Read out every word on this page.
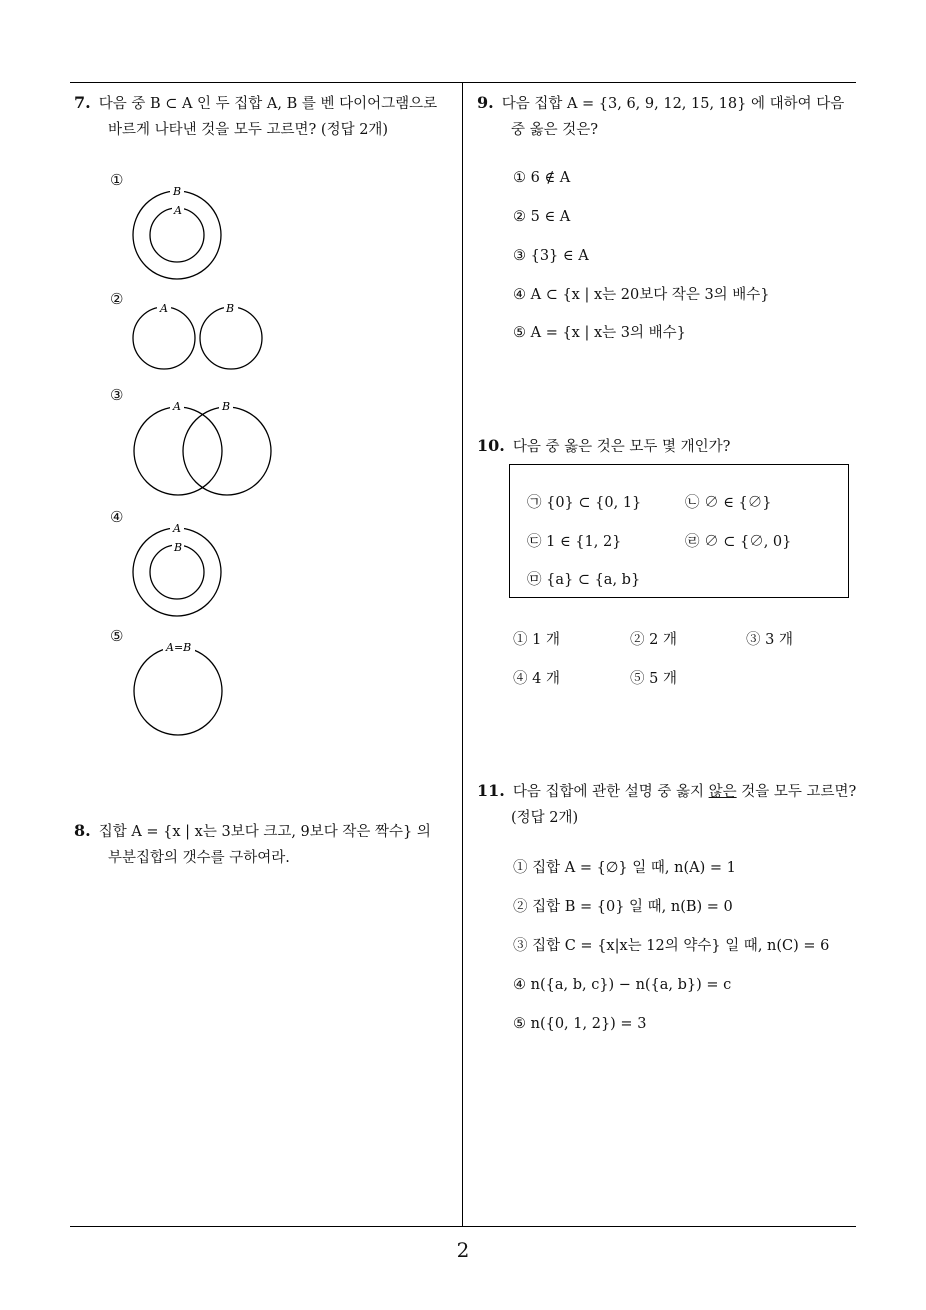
7. 다음 중 B ⊂ A 인 두 집합 A, B 를 벤 다이어그램으로
바르게 나타낸 것을 모두 고르면? (정답 2개)
①
B
A
②
A	B
③
A	B
④
A
B
⑤
A=B
8. 집합 A = {x | x는 3보다 크고, 9보다 작은 짝수} 의
부분집합의 갯수를 구하여라.
9. 다음 집합 A = {3, 6, 9, 12, 15, 18} 에 대하여 다음
중 옳은 것은?
① 6 ∉ A
② 5 ∈ A
③ {3} ∈ A
④ A ⊂ {x | x는 20보다 작은 3의 배수}
⑤ A = {x | x는 3의 배수}
10. 다음 중 옳은 것은 모두 몇 개인가?
㉠ {0} ⊂ {0, 1}	㉡ ∅ ∈ {∅}
㉢ 1 ∈ {1, 2}	㉣ ∅ ⊂ {∅, 0}
㉤ {a} ⊂ {a, b}
① 1 개	② 2 개	③ 3 개
④ 4 개	⑤ 5 개
11. 다음 집합에 관한 설명 중 옳지 않은 것을 모두 고르면?
(정답 2개)
① 집합 A = {∅} 일 때, n(A) = 1
② 집합 B = {0} 일 때, n(B) = 0
③ 집합 C = {x|x는 12의 약수} 일 때, n(C) = 6
④ n({a, b, c}) − n({a, b}) = c
⑤ n({0, 1, 2}) = 3
2
